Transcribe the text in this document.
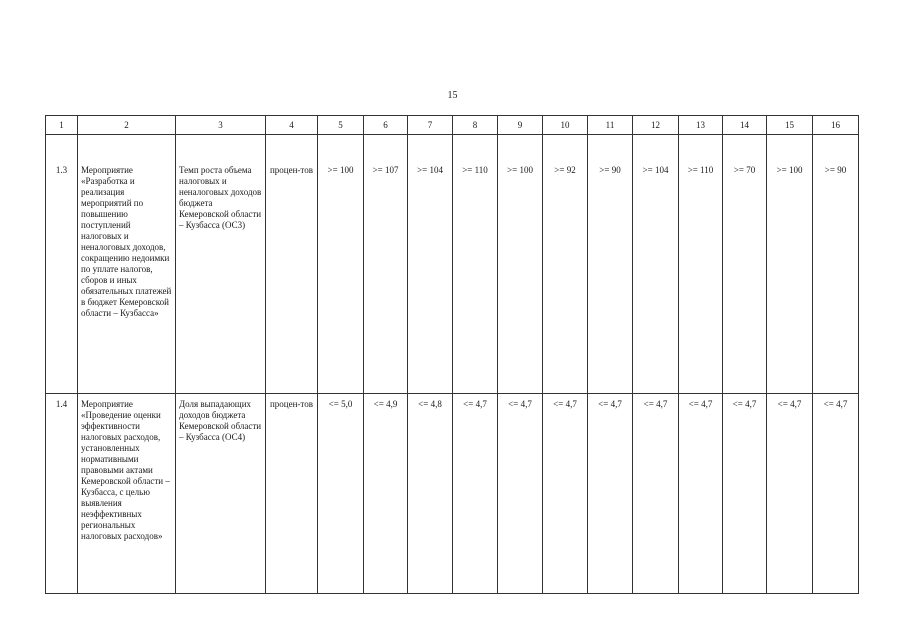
15
1	2	3	4	5	6	7	8	9	10	11	12	13	14	15	16
1.3	Мероприятие «Разработка и реализация мероприятий по повышению поступлений налоговых и неналоговых доходов, сокращению недоимки по уплате налогов, сборов и иных обязательных платежей в бюджет Кемеровской области – Кузбасса»	Темп роста объема налоговых и неналоговых доходов бюджета Кемеровской области – Кузбасса (ОС3)	процен-тов	>= 100	>= 107	>= 104	>= 110	>= 100	>= 92	>= 90	>= 104	>= 110	>= 70	>= 100	>= 90
1.4	Мероприятие «Проведение оценки эффективности налоговых расходов, установленных нормативными правовыми актами Кемеровской области – Кузбасса, с целью выявления неэффективных региональных налоговых расходов»	Доля выпадающих доходов бюджета Кемеровской области – Кузбасса (ОС4)	процен-тов	<= 5,0	<= 4,9	<= 4,8	<= 4,7	<= 4,7	<= 4,7	<= 4,7	<= 4,7	<= 4,7	<= 4,7	<= 4,7	<= 4,7
